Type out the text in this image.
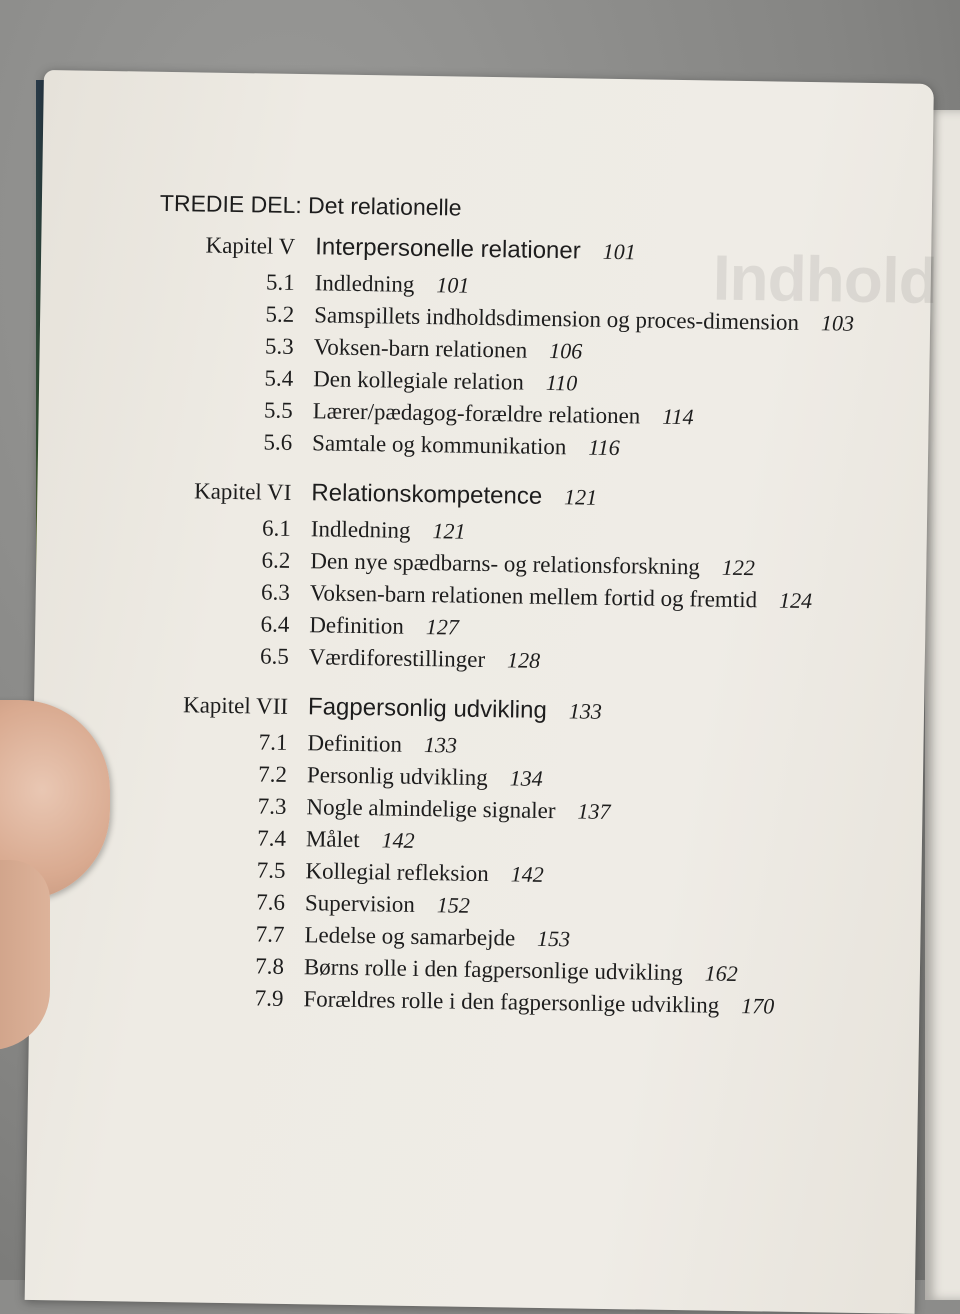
Indhold
TREDIE DEL: Det relationelle
Kapitel V Interpersonelle relationer 101
5.1 Indledning 101
5.2 Samspillets indholdsdimension og proces-dimension 103
5.3 Voksen-barn relationen 106
5.4 Den kollegiale relation 110
5.5 Lærer/pædagog-forældre relationen 114
5.6 Samtale og kommunikation 116
Kapitel VI Relationskompetence 121
6.1 Indledning 121
6.2 Den nye spædbarns- og relationsforskning 122
6.3 Voksen-barn relationen mellem fortid og fremtid 124
6.4 Definition 127
6.5 Værdiforestillinger 128
Kapitel VII Fagpersonlig udvikling 133
7.1 Definition 133
7.2 Personlig udvikling 134
7.3 Nogle almindelige signaler 137
7.4 Målet 142
7.5 Kollegial refleksion 142
7.6 Supervision 152
7.7 Ledelse og samarbejde 153
7.8 Børns rolle i den fagpersonlige udvikling 162
7.9 Forældres rolle i den fagpersonlige udvikling 170
